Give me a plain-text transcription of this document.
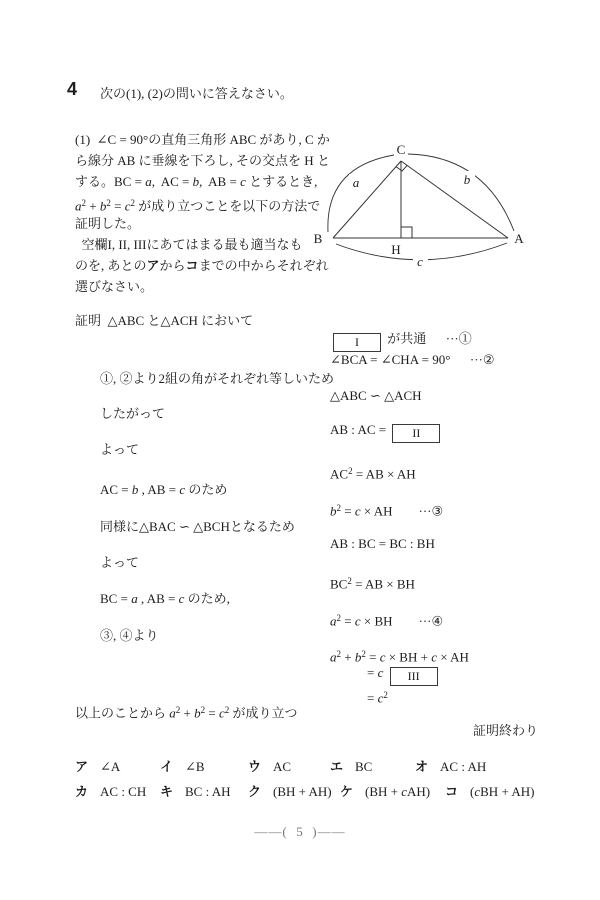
4 次の(1), (2)の問いに答えなさい。
(1)  ∠C = 90°の直角三角形 ABC があり, C か
ら線分 AB に垂線を下ろし, その交点を H と
する。BC = a,  AC = b,  AB = c とするとき,
$a^2 + b^2 = c^2$ が成り立つことを以下の方法で
証明した。
空欄I, II, IIIにあてはまる最も適当なも
のを, あとのアからコまでの中からそれぞれ
選びなさい。
C
B	A
H
a	b
c
証明  △ABC と△ACH において
①, ②より2組の角がそれぞれ等しいため
したがって
よって
AC = b , AB = c のため
同様に△BAC ∽ △BCHとなるため
よって
BC = a , AB = c のため,
③, ④より
I が共通      ···①
∠BCA = ∠CHA = 90°      ···②
△ABC ∽ △ACH
AB : AC = II
$AC^2$ = AB × AH
$b^2 = c$ × AH        ···③
AB : BC = BC : BH
$BC^2$ = AB × BH
$a^2 = c$ × BH        ···④
$a^2 + b^2 = c$ × BH + c × AH
= c III
= $c^2$
以上のことから $a^2 + b^2 = c^2$ が成り立つ
証明終わり
ア ∠A	イ ∠B	ウ AC	エ BC	オ AC : AH
カ AC : CH キ BC : AH ク (BH + AH) ケ (BH + cAH) コ (cBH + AH)
——(  5  )——
